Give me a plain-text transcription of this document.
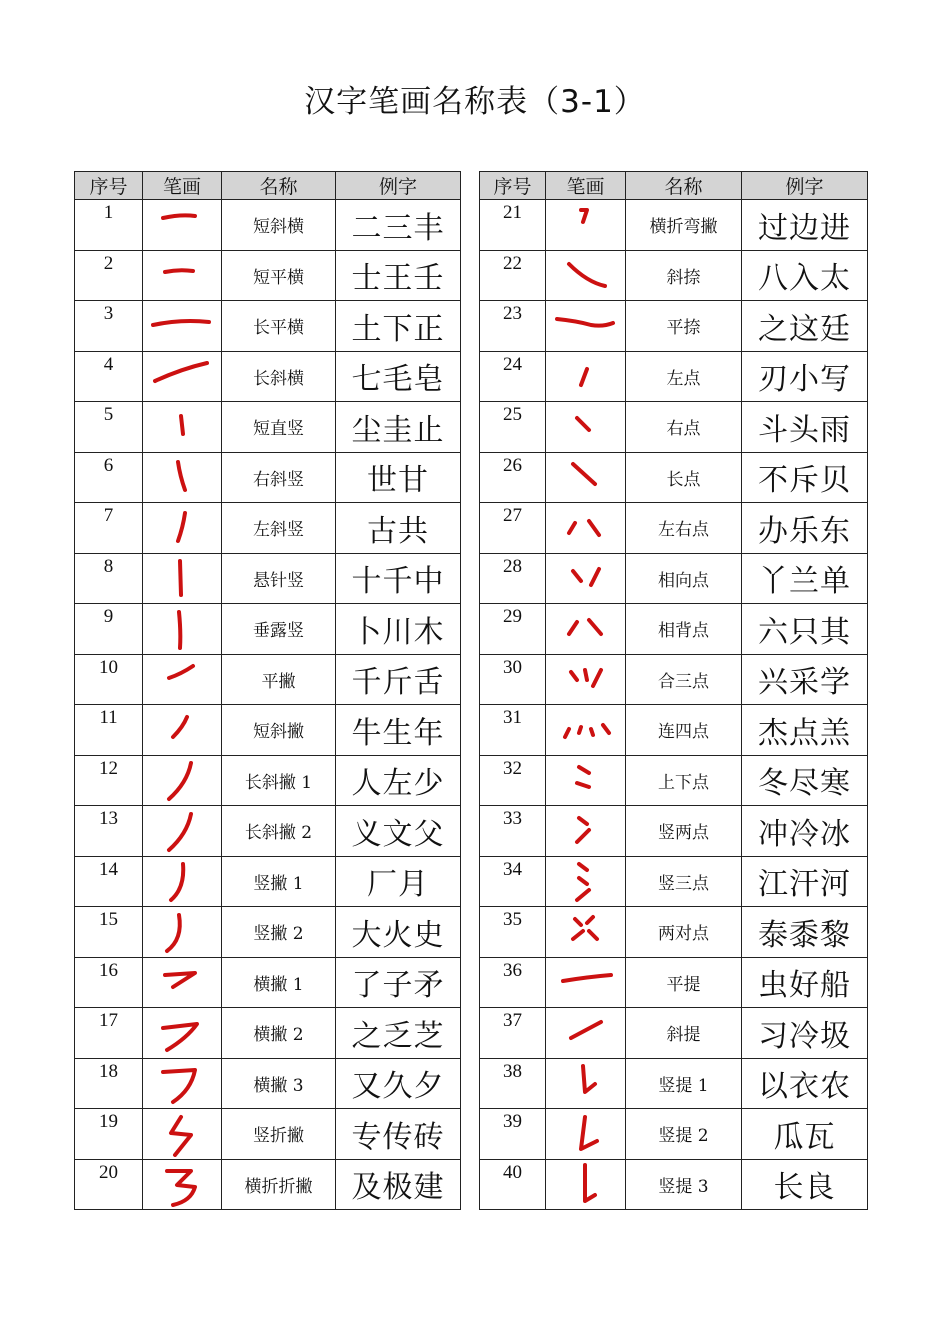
汉字笔画名称表（3-1）
序号	笔画	名称	例字
1		短斜横	二三丰
2		短平横	士王壬
3		长平横	土下正
4		长斜横	七毛皂
5		短直竖	尘圭止
6		右斜竖	世甘
7		左斜竖	古共
8		悬针竖	十千中
9		垂露竖	卜川木
10		平撇	千斤舌
11		短斜撇	牛生年
12		长斜撇 1	人左少
13		长斜撇 2	义文父
14		竖撇 1	厂月
15		竖撇 2	大火史
16		横撇 1	了子矛
17		横撇 2	之乏芝
18		横撇 3	又久夕
19		竖折撇	专传砖
20		横折折撇	及极建
序号	笔画	名称	例字
21		横折弯撇	过边进
22		斜捺	八入太
23		平捺	之这廷
24		左点	刃小写
25		右点	斗头雨
26		长点	不斥贝
27		左右点	办乐东
28		相向点	丫兰单
29		相背点	六只其
30		合三点	兴采学
31		连四点	杰点羔
32		上下点	冬尽寒
33		竖两点	冲冷冰
34		竖三点	江汗河
35		两对点	泰黍黎
36		平提	虫好船
37		斜提	习冷圾
38		竖提 1	以衣农
39		竖提 2	瓜瓦
40		竖提 3	长良
